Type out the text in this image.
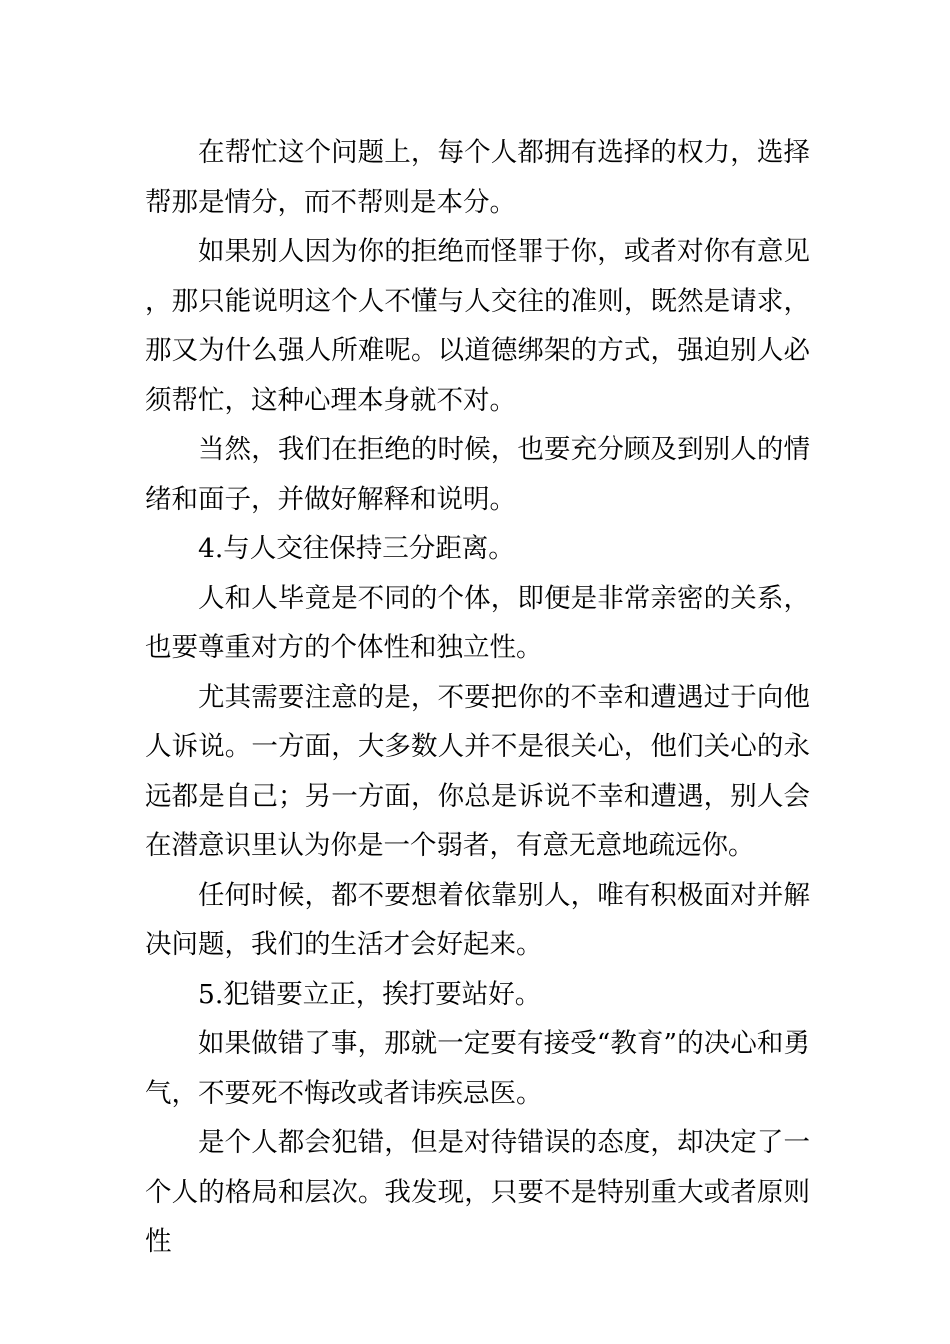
在帮忙这个问题上，每个人都拥有选择的权力，选择帮那是情分，而不帮则是本分。

如果别人因为你的拒绝而怪罪于你，或者对你有意见，那只能说明这个人不懂与人交往的准则，既然是请求，那又为什么强人所难呢。以道德绑架的方式，强迫别人必须帮忙，这种心理本身就不对。

当然，我们在拒绝的时候，也要充分顾及到别人的情绪和面子，并做好解释和说明。

4.与人交往保持三分距离。

人和人毕竟是不同的个体，即便是非常亲密的关系，也要尊重对方的个体性和独立性。

尤其需要注意的是，不要把你的不幸和遭遇过于向他人诉说。一方面，大多数人并不是很关心，他们关心的永远都是自己；另一方面，你总是诉说不幸和遭遇，别人会在潜意识里认为你是一个弱者，有意无意地疏远你。

任何时候，都不要想着依靠别人，唯有积极面对并解决问题，我们的生活才会好起来。

5.犯错要立正，挨打要站好。

如果做错了事，那就一定要有接受“教育”的决心和勇气，不要死不悔改或者讳疾忌医。

是个人都会犯错，但是对待错误的态度，却决定了一个人的格局和层次。我发现，只要不是特别重大或者原则性
